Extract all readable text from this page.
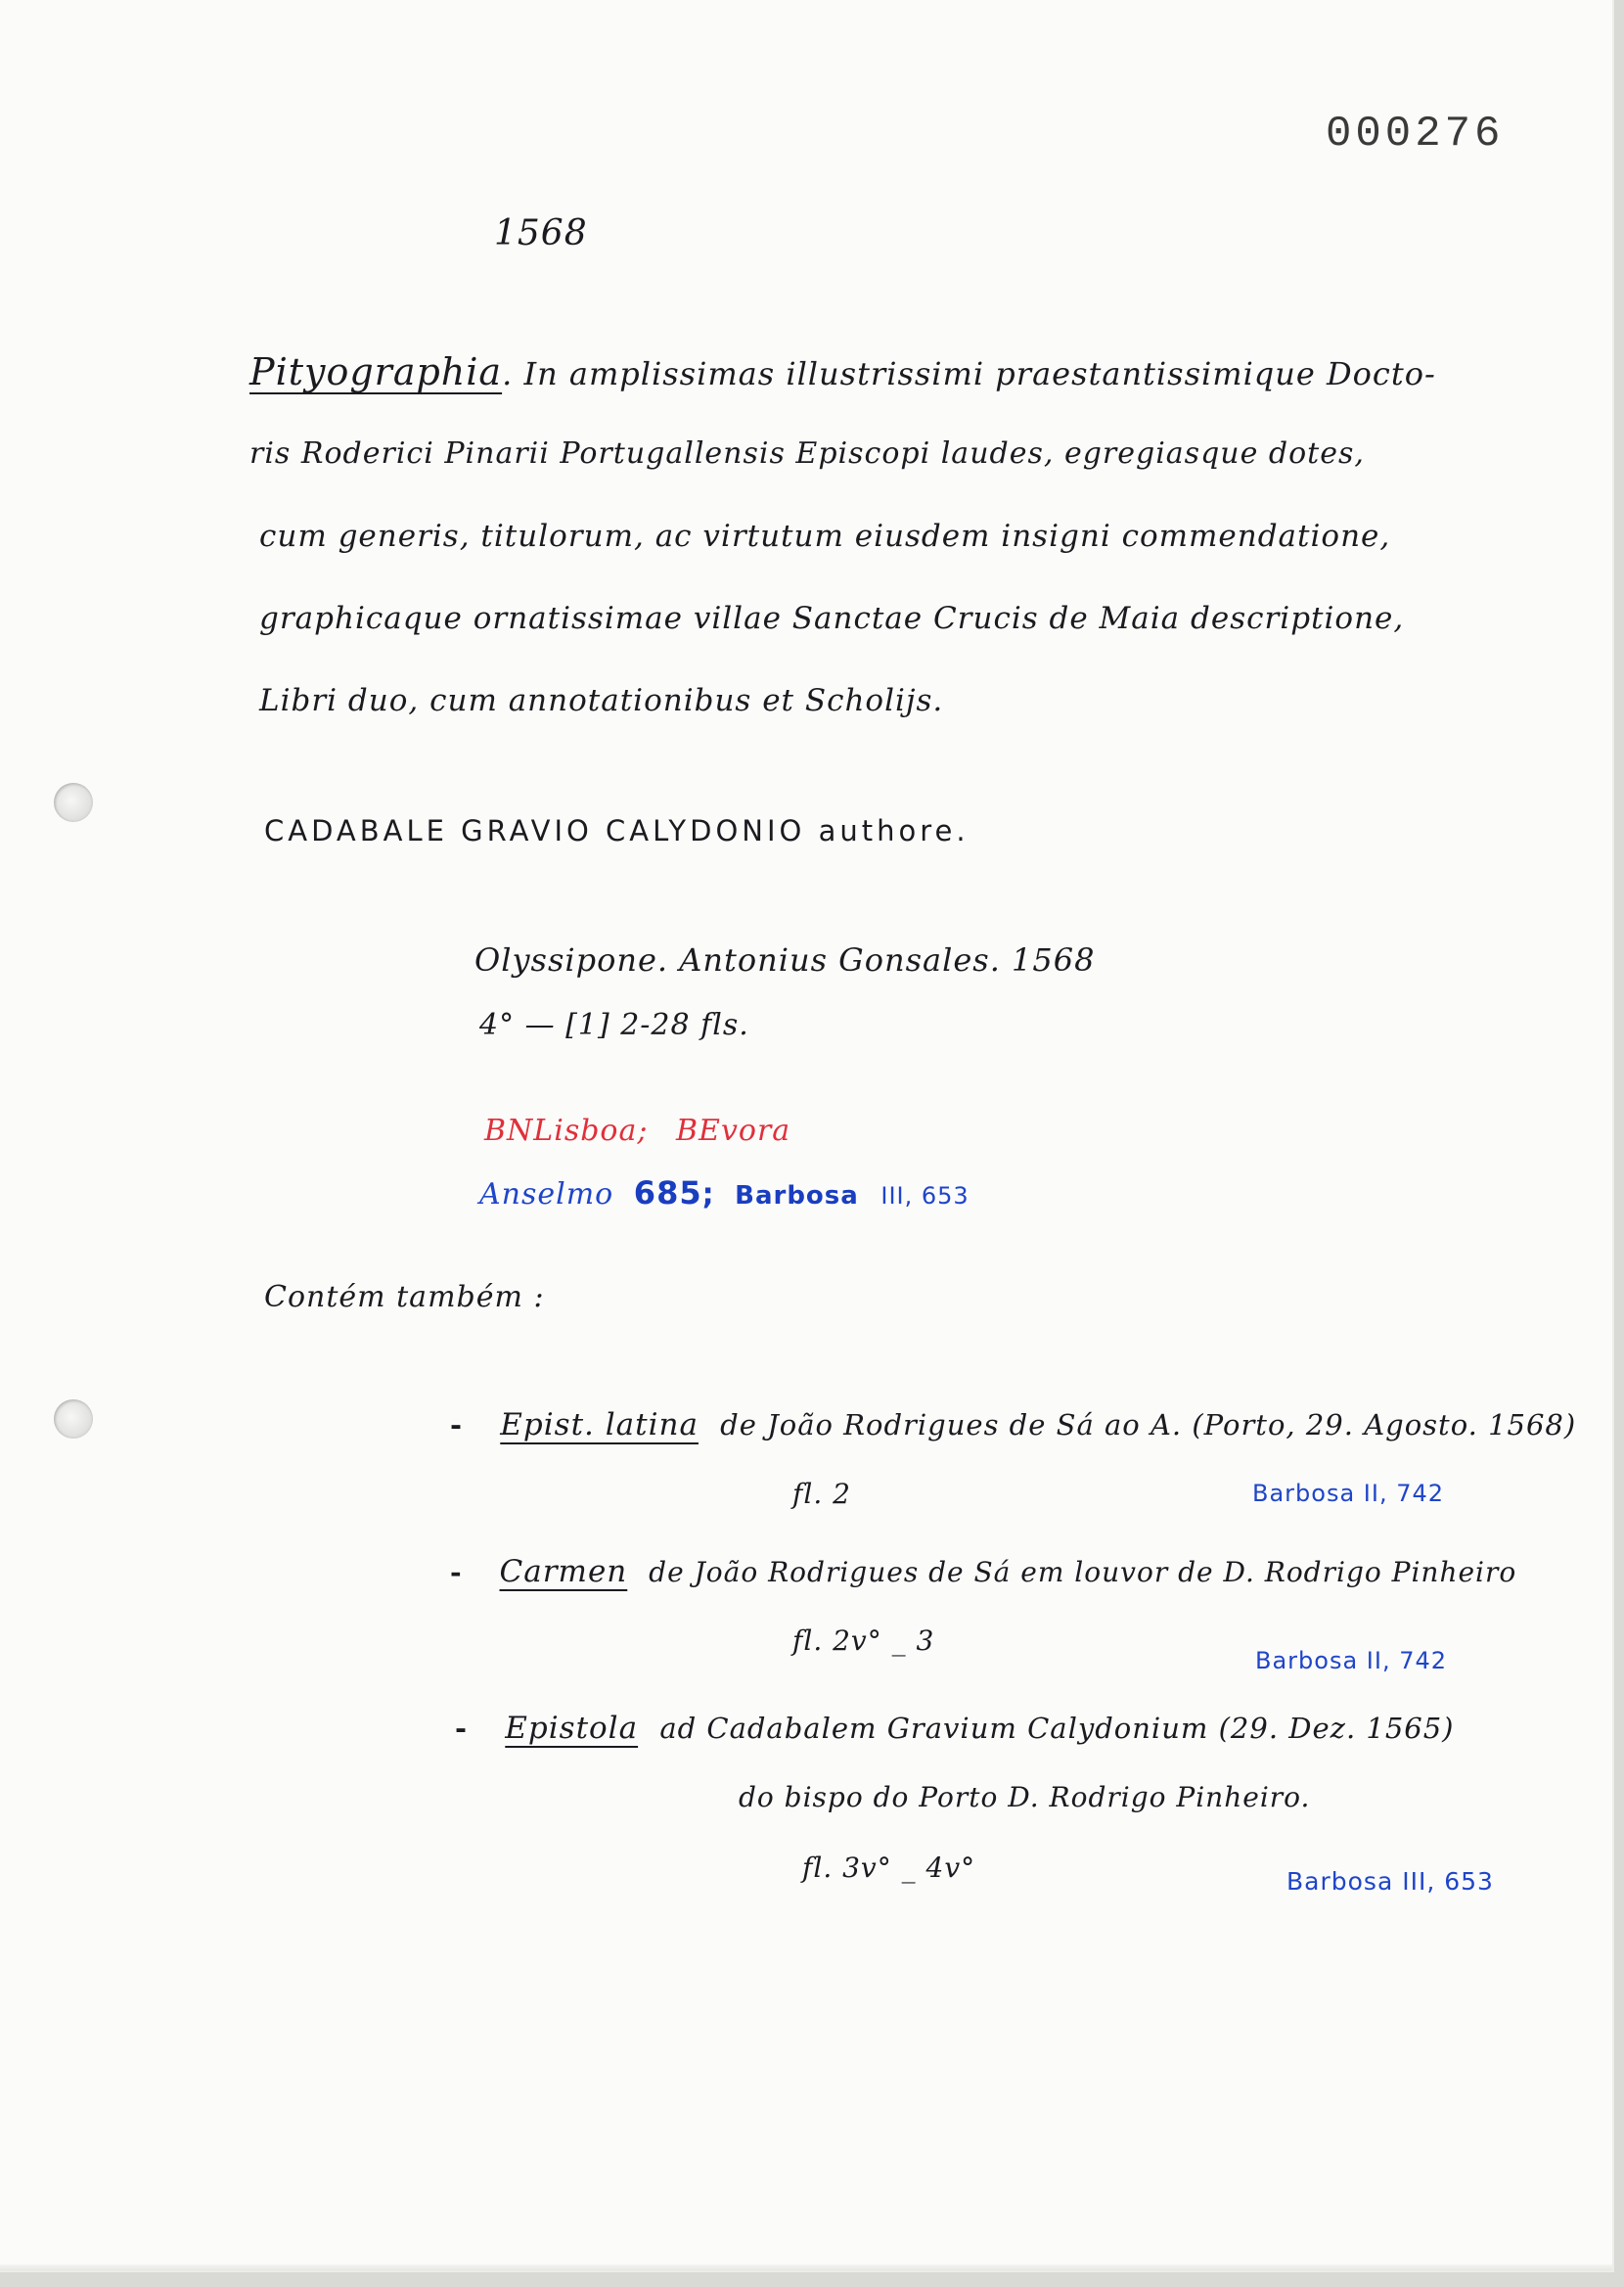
000276
1568
Pityographia. In amplissimas illustrissimi praestantissimique Docto-
ris Roderici Pinarii Portugallensis Episcopi laudes, egregiasque dotes,
cum generis, titulorum, ac virtutum eiusdem insigni commendatione,
graphicaque ornatissimae villae Sanctae Crucis de Maia descriptione,
Libri duo, cum annotationibus et Scholijs.
CADABALE GRAVIO CALYDONIO authore.
Olyssipone. Antonius Gonsales. 1568
4° — [1] 2-28 fls.
BNLisboa; BEvora
Anselmo 685; Barbosa III, 653
Contém também :
- Epist. latina de João Rodrigues de Sá ao A. (Porto, 29. Agosto. 1568)
fl. 2	Barbosa II, 742
- Carmen de João Rodrigues de Sá em louvor de D. Rodrigo Pinheiro
fl. 2v° _ 3
Barbosa II, 742
- Epistola ad Cadabalem Gravium Calydonium (29. Dez. 1565)
do bispo do Porto D. Rodrigo Pinheiro.
fl. 3v° _ 4v°	Barbosa III, 653
